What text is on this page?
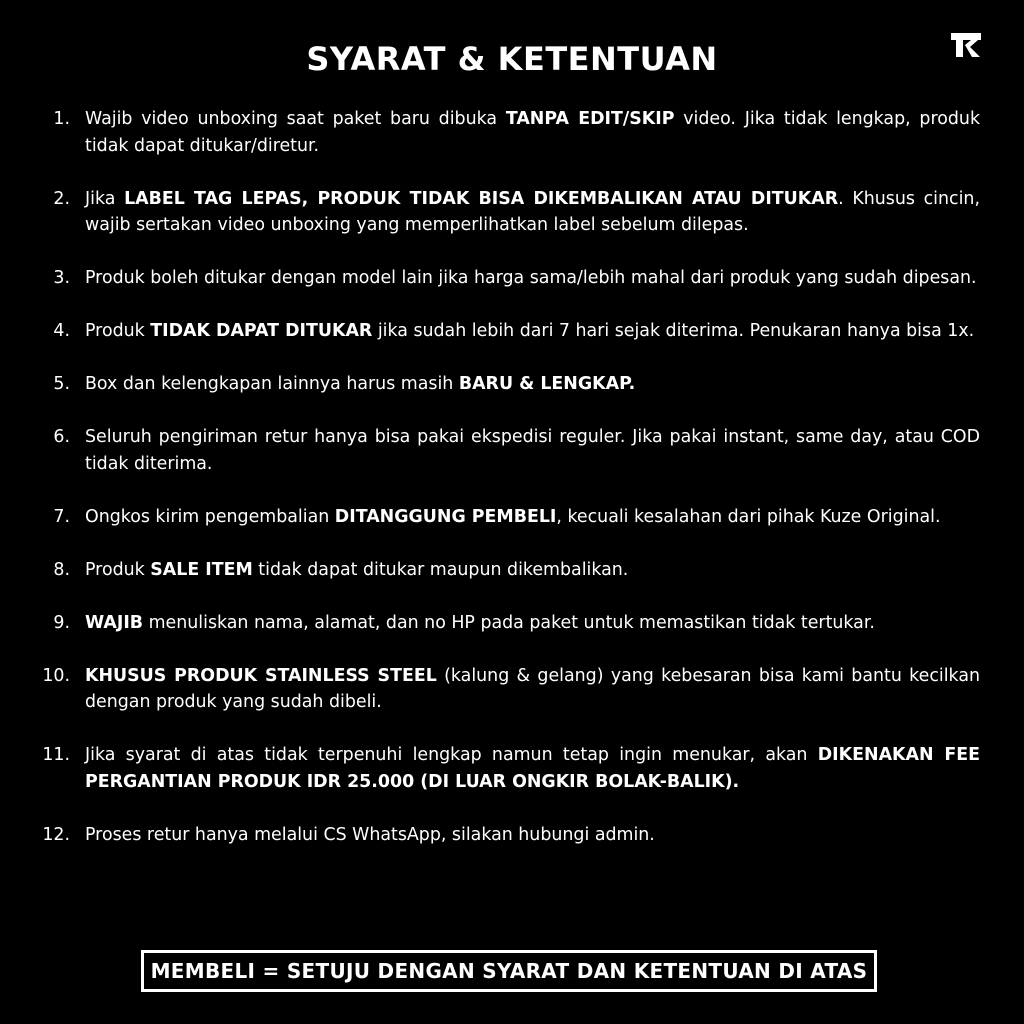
SYARAT & KETENTUAN
1. Wajib video unboxing saat paket baru dibuka TANPA EDIT/SKIP video. Jika tidak lengkap, produk tidak dapat ditukar/diretur.
2. Jika LABEL TAG LEPAS, PRODUK TIDAK BISA DIKEMBALIKAN ATAU DITUKAR. Khusus cincin, wajib sertakan video unboxing yang memperlihatkan label sebelum dilepas.
3. Produk boleh ditukar dengan model lain jika harga sama/lebih mahal dari produk yang sudah dipesan.
4. Produk TIDAK DAPAT DITUKAR jika sudah lebih dari 7 hari sejak diterima. Penukaran hanya bisa 1x.
5. Box dan kelengkapan lainnya harus masih BARU & LENGKAP.
6. Seluruh pengiriman retur hanya bisa pakai ekspedisi reguler. Jika pakai instant, same day, atau COD tidak diterima.
7. Ongkos kirim pengembalian DITANGGUNG PEMBELI, kecuali kesalahan dari pihak Kuze Original.
8. Produk SALE ITEM tidak dapat ditukar maupun dikembalikan.
9. WAJIB menuliskan nama, alamat, dan no HP pada paket untuk memastikan tidak tertukar.
10. KHUSUS PRODUK STAINLESS STEEL (kalung & gelang) yang kebesaran bisa kami bantu kecilkan dengan produk yang sudah dibeli.
11. Jika syarat di atas tidak terpenuhi lengkap namun tetap ingin menukar, akan DIKENAKAN FEE PERGANTIAN PRODUK IDR 25.000 (DI LUAR ONGKIR BOLAK-BALIK).
12. Proses retur hanya melalui CS WhatsApp, silakan hubungi admin.
MEMBELI = SETUJU DENGAN SYARAT DAN KETENTUAN DI ATAS
